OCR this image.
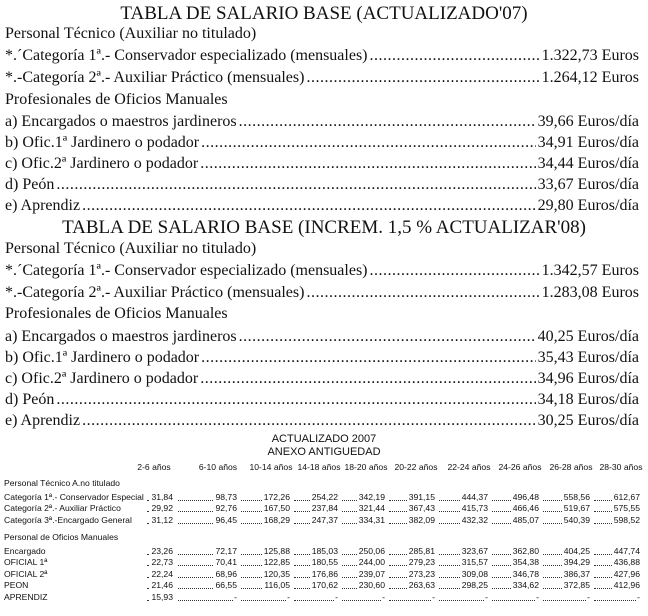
TABLA DE SALARIO BASE (ACTUALIZADO'07)
Personal Técnico (Auxiliar no titulado)
*.´Categoría 1ª.- Conservador especializado (mensuales) .....	1.322,73 Euros
*.-Categoría 2ª.- Auxiliar Práctico (mensuales) .....	1.264,12 Euros
Profesionales de Oficios Manuales
a) Encargados o maestros jardineros .....	39,66 Euros/día
b) Ofic.1ª Jardinero o podador .....	34,91 Euros/día
c) Ofic.2ª Jardinero o podador .....	34,44 Euros/día
d) Peón .....	33,67 Euros/día
e) Aprendiz .....	29,80 Euros/día
TABLA DE SALARIO BASE (INCREM. 1,5 % ACTUALIZAR'08)
Personal Técnico (Auxiliar no titulado)
*.´Categoría 1ª.- Conservador especializado (mensuales) .....	1.342,57 Euros
*.-Categoría 2ª.- Auxiliar Práctico (mensuales) .....	1.283,08 Euros
Profesionales de Oficios Manuales
a) Encargados o maestros jardineros .....	40,25 Euros/día
b) Ofic.1ª Jardinero o podador .....	35,43 Euros/día
c) Ofic.2ª Jardinero o podador .....	34,96 Euros/día
d) Peón .....	34,18 Euros/día
e) Aprendiz .....	30,25 Euros/día
ACTUALIZADO 2007
ANEXO ANTIGUEDAD
2-6 años	6-10 años	10-14 años 14-18 años 18-20 años 20-22 años	22-24 años 24-26 años 26-28 años 28-30 años
Personal Técnico A.no titulado
Categoría 1ª.- Conservador Especial 31,84	98,73	172,26	254,22	342,19	391,15	444,37	496,48	558,56	612,67
Categoría 2ª.- Auxiliar Práctico	29,92	92,76	167,50	237,84	321,44	367,43	415,73	466,46	519,67	575,55
Categoría 3ª.-Encargado General	31,12	96,45	168,29	247,37	334,31	382,09	432,32	485,07	540,39	598,52
Personal de Oficios Manuales
Encargado	23,26	72,17	125,88	185,03	250,06	285,81	323,67	362,80	404,25	447,74
OFICIAL 1ª	22,73	70,41	122,85	180,55	244,00	279,23	315,57	354,38	394,29	436,88
OFICIAL 2ª	22,24	68,96	120,35	176,86	239,07	273,23	309,08	346,78	386,37	427,96
PEON	21,46	66,55	116,05	170,62	230,60	263,63	298,25	334,62	372,85	412,96
APRENDIZ	15,93	-	-	-	-	-	-	-	-	-
